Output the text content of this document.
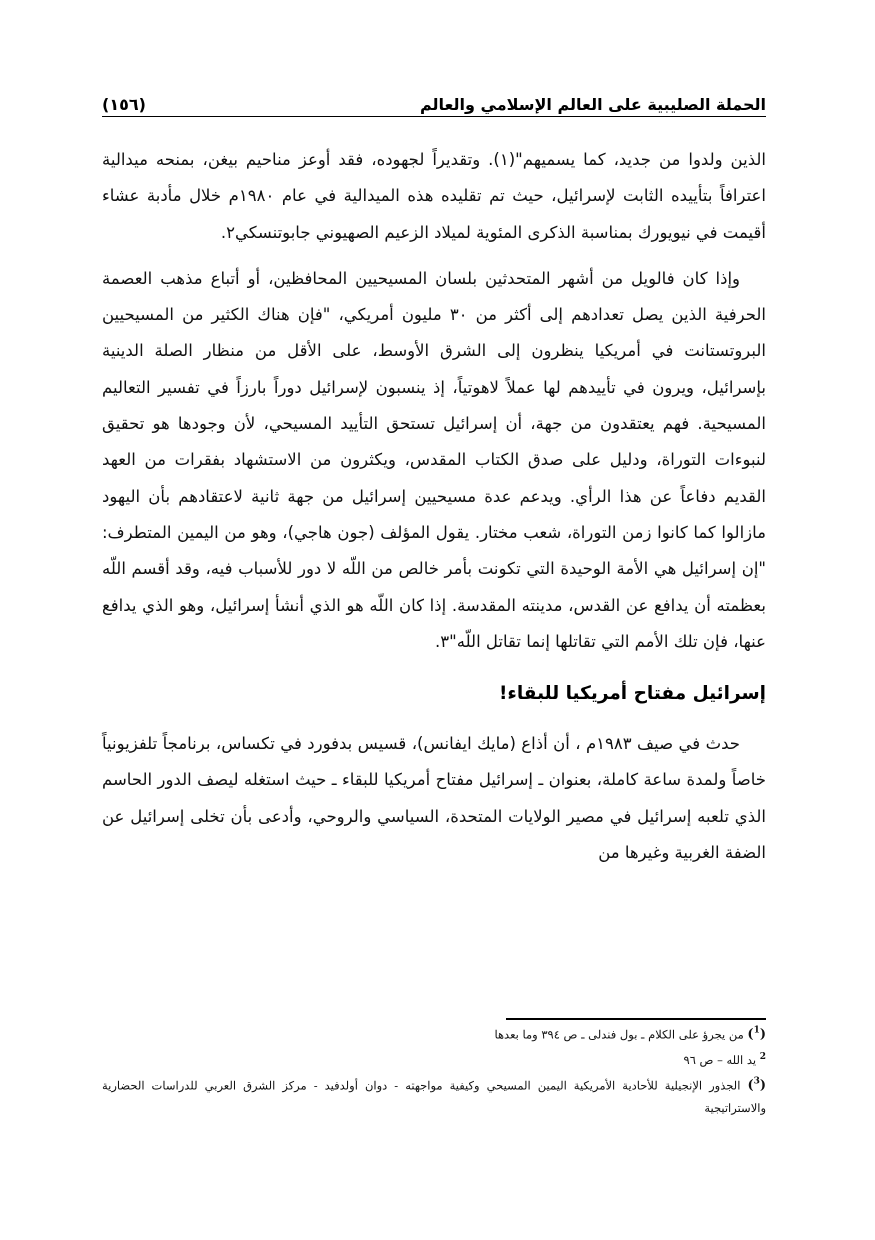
الحملة الصليبية على العالم الإسلامي والعالم
(١٥٦)

الذين ولدوا من جديد، كما يسميهم"(١). وتقديراً لجهوده، فقد أوعز مناحيم بيغن، بمنحه ميدالية اعترافاً بتأييده الثابت لإسرائيل، حيث تم تقليده هذه الميدالية في عام ١٩٨٠م خلال مأدبة عشاء أقيمت في نيويورك بمناسبة الذكرى المئوية لميلاد الزعيم الصهيوني جابوتنسكي٢.

وإذا كان فالويل من أشهر المتحدثين بلسان المسيحيين المحافظين، أو أتباع مذهب العصمة الحرفية الذين يصل تعدادهم إلى أكثر من ٣٠ مليون أمريكي، "فإن هناك الكثير من المسيحيين البروتستانت في أمريكيا ينظرون إلى الشرق الأوسط، على الأقل من منظار الصلة الدينية بإسرائيل، ويرون في تأييدهم لها عملاً لاهوتياً، إذ ينسبون لإسرائيل دوراً بارزاً في تفسير التعاليم المسيحية. فهم يعتقدون من جهة، أن إسرائيل تستحق التأييد المسيحي، لأن وجودها هو تحقيق لنبوءات التوراة، ودليل على صدق الكتاب المقدس، ويكثرون من الاستشهاد بفقرات من العهد القديم دفاعاً عن هذا الرأي. ويدعم عدة مسيحيين إسرائيل من جهة ثانية لاعتقادهم بأن اليهود مازالوا كما كانوا زمن التوراة، شعب مختار. يقول المؤلف (جون هاجي)، وهو من اليمين المتطرف: "إن إسرائيل هي الأمة الوحيدة التي تكونت بأمر خالص من اللّه لا دور للأسباب فيه، وقد أقسم اللّه بعظمته أن يدافع عن القدس، مدينته المقدسة. إذا كان اللّه هو الذي أنشأ إسرائيل، وهو الذي يدافع عنها، فإن تلك الأمم التي تقاتلها إنما تقاتل اللّه"٣.

إسرائيل مفتاح أمريكيا للبقاء!

حدث في صيف ١٩٨٣م ، أن أذاع (مايك ايفانس)، قسيس بدفورد في تكساس، برنامجاً تلفزيونياً خاصاً ولمدة ساعة كاملة، بعنوان ـ إسرائيل مفتاح أمريكيا للبقاء ـ حيث استغله ليصف الدور الحاسم الذي تلعبه إسرائيل في مصير الولايات المتحدة، السياسي والروحي، وأدعى بأن تخلى إسرائيل عن الضفة الغربية وغيرها من

($^1$) من يجرؤ على الكلام ـ بول فندلى ـ ص ٣٩٤ وما بعدها
$^2$ يد الله – ص ٩٦
($^3$) الجذور الإنجيلية للأحادية الأمريكية اليمين المسيحي وكيفية مواجهته - دوان أولدفيد - مركز الشرق العربي للدراسات الحضارية والاستراتيجية
